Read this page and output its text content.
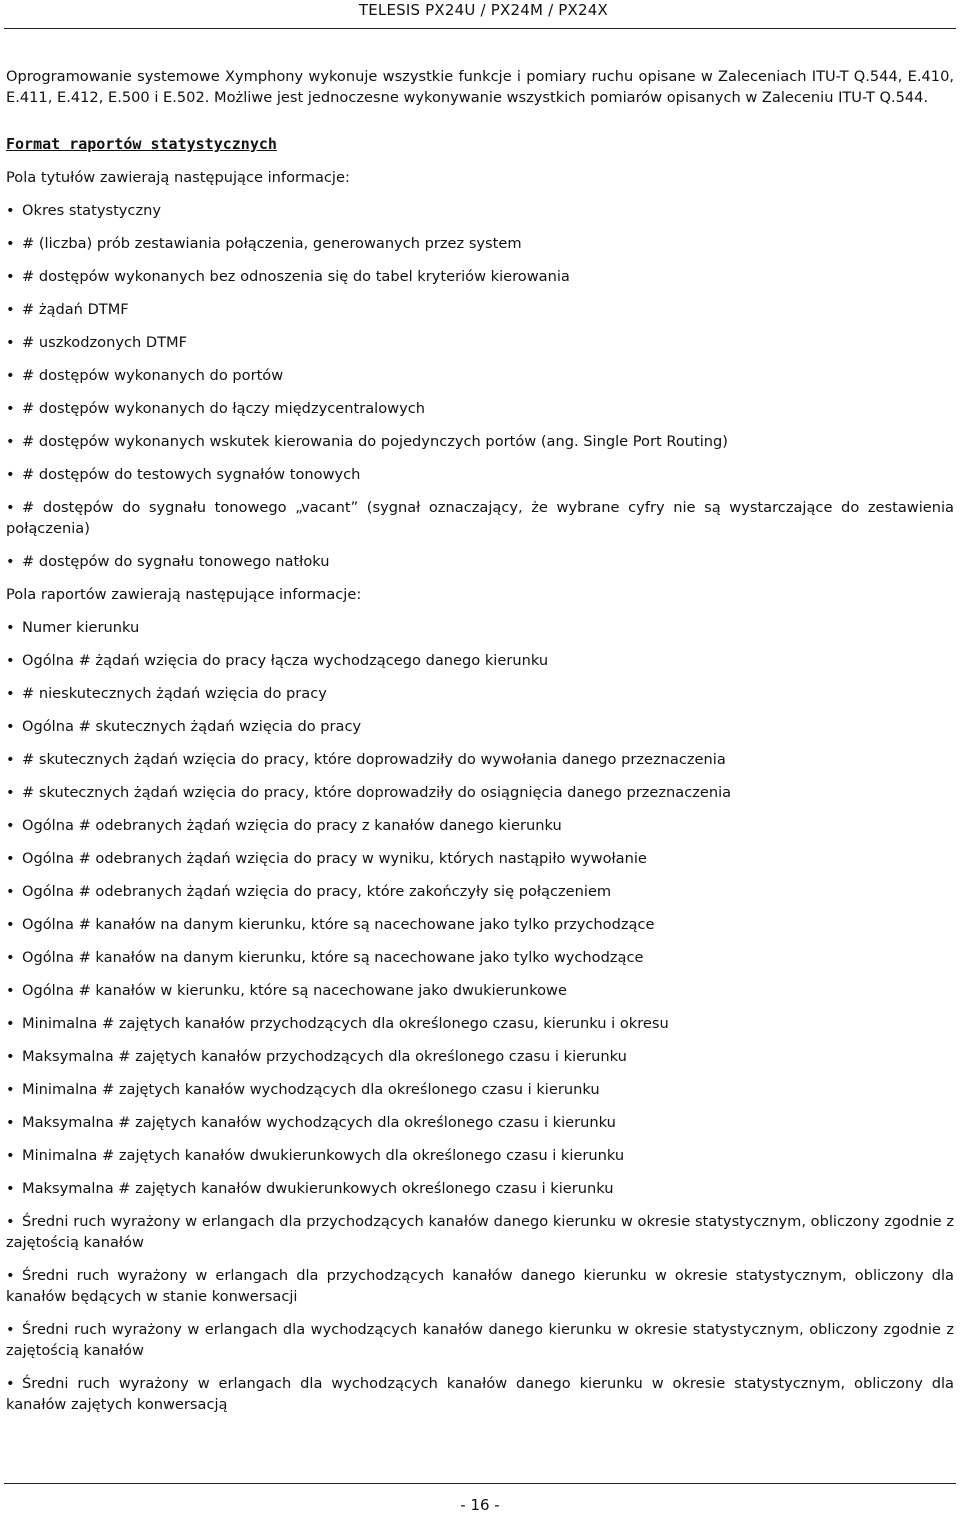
TELESIS PX24U / PX24M / PX24X

Oprogramowanie systemowe Xymphony wykonuje wszystkie funkcje i pomiary ruchu opisane w Zaleceniach ITU-T Q.544, E.410, E.411, E.412, E.500 i E.502. Możliwe jest jednoczesne wykonywanie wszystkich pomiarów opisanych w Zaleceniu ITU-T Q.544.

Format raportów statystycznych

Pola tytułów zawierają następujące informacje:

• Okres statystyczny
• # (liczba) prób zestawiania połączenia, generowanych przez system
• # dostępów wykonanych bez odnoszenia się do tabel kryteriów kierowania
• # żądań DTMF
• # uszkodzonych DTMF
• # dostępów wykonanych do portów
• # dostępów wykonanych do łączy międzycentralowych
• # dostępów wykonanych wskutek kierowania do pojedynczych portów (ang. Single Port Routing)
• # dostępów do testowych sygnałów tonowych
• # dostępów do sygnału tonowego „vacant” (sygnał oznaczający, że wybrane cyfry nie są wystarczające do zestawienia połączenia)
• # dostępów do sygnału tonowego natłoku

Pola raportów zawierają następujące informacje:

• Numer kierunku
• Ogólna # żądań wzięcia do pracy łącza wychodzącego danego kierunku
• # nieskutecznych żądań wzięcia do pracy
• Ogólna # skutecznych żądań wzięcia do pracy
• # skutecznych żądań wzięcia do pracy, które doprowadziły do wywołania danego przeznaczenia
• # skutecznych żądań wzięcia do pracy, które doprowadziły do osiągnięcia danego przeznaczenia
• Ogólna # odebranych żądań wzięcia do pracy z kanałów danego kierunku
• Ogólna # odebranych żądań wzięcia do pracy w wyniku, których nastąpiło wywołanie
• Ogólna # odebranych żądań wzięcia do pracy, które zakończyły się połączeniem
• Ogólna # kanałów na danym kierunku, które są nacechowane jako tylko przychodzące
• Ogólna # kanałów na danym kierunku, które są nacechowane jako tylko wychodzące
• Ogólna # kanałów w kierunku, które są nacechowane jako dwukierunkowe
• Minimalna # zajętych kanałów przychodzących dla określonego czasu, kierunku i okresu
• Maksymalna # zajętych kanałów przychodzących dla określonego czasu i kierunku
• Minimalna # zajętych kanałów wychodzących dla określonego czasu i kierunku
• Maksymalna # zajętych kanałów wychodzących dla określonego czasu i kierunku
• Minimalna # zajętych kanałów dwukierunkowych dla określonego czasu i kierunku
• Maksymalna # zajętych kanałów dwukierunkowych określonego czasu i kierunku
• Średni ruch wyrażony w erlangach dla przychodzących kanałów danego kierunku w okresie statystycznym, obliczony zgodnie z zajętością kanałów
• Średni ruch wyrażony w erlangach dla przychodzących kanałów danego kierunku w okresie statystycznym, obliczony dla kanałów będących w stanie konwersacji
• Średni ruch wyrażony w erlangach dla wychodzących kanałów danego kierunku w okresie statystycznym, obliczony zgodnie z zajętością kanałów
• Średni ruch wyrażony w erlangach dla wychodzących kanałów danego kierunku w okresie statystycznym, obliczony dla kanałów zajętych konwersacją
- 16 -
